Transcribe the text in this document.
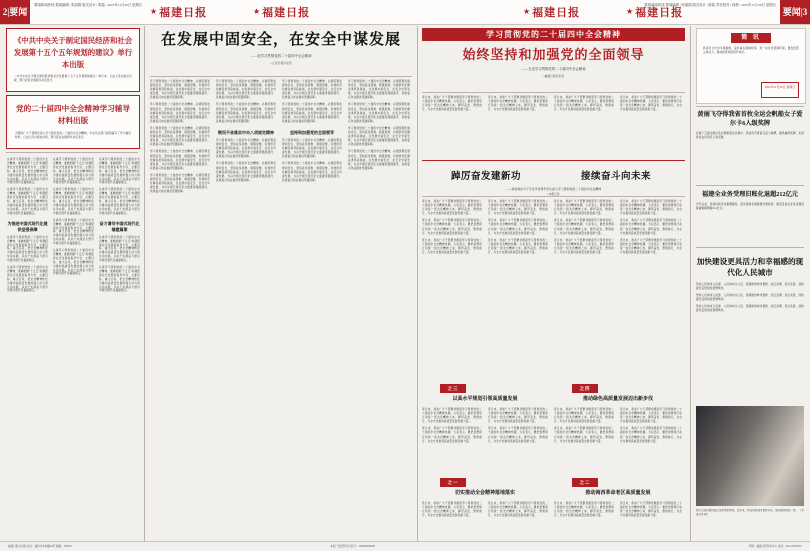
2|要闻	要闻|3
要闻新闻热线 要闻编辑 | 张丽娟 版式设计 | 陈铭 / 2025年11月30日 星期日	要闻新闻热线 要闻编辑 | 张丽娟 版式设计 | 陈铭 责任校对 | 林晨 / 2025年11月30日 星期日
★ 福建日报	★ 福建日报	★ 福建日报	★ 福建日报
《中共中央关于制定国民经济和社会发展第十五个五年规划的建议》单行本出版
《中共中央关于制定国民经济和社会发展第十五个五年规划的建议》单行本，已由人民出版社出版，即日起在全国新华书店发行。
党的二十届四中全会精神学习辅导材料出版
为帮助广大干部群众深入学习领会党的二十届四中全会精神，中央有关部门组织编写了学习辅导材料，已由人民出版社出版，即日起在全国新华书店发行。
认真学习贯彻党的二十届四中全会精神，准确把握“十五五”时期经济社会发展的指导方针、主要目标、重大任务，把全会精神转化为推动高质量发展的强大动力和生动实践，以实干实绩奋力谱写中国式现代化福建篇章。
认真学习贯彻党的二十届四中全会精神，准确把握“十五五”时期经济社会发展的指导方针、主要目标、重大任务，把全会精神转化为推动高质量发展的强大动力和生动实践，以实干实绩奋力谱写中国式现代化福建篇章。
为推进中国式现代化提供坚强保障
认真学习贯彻党的二十届四中全会精神，准确把握“十五五”时期经济社会发展的指导方针、主要目标、重大任务，把全会精神转化为推动高质量发展的强大动力和生动实践，以实干实绩奋力谱写中国式现代化福建篇章。
认真学习贯彻党的二十届四中全会精神，准确把握“十五五”时期经济社会发展的指导方针、主要目标、重大任务，把全会精神转化为推动高质量发展的强大动力和生动实践，以实干实绩奋力谱写中国式现代化福建篇章。
认真学习贯彻党的二十届四中全会精神，准确把握“十五五”时期经济社会发展的指导方针、主要目标、重大任务，把全会精神转化为推动高质量发展的强大动力和生动实践，以实干实绩奋力谱写中国式现代化福建篇章。
认真学习贯彻党的二十届四中全会精神，准确把握“十五五”时期经济社会发展的指导方针、主要目标、重大任务，把全会精神转化为推动高质量发展的强大动力和生动实践，以实干实绩奋力谱写中国式现代化福建篇章。
认真学习贯彻党的二十届四中全会精神，准确把握“十五五”时期经济社会发展的指导方针、主要目标、重大任务，把全会精神转化为推动高质量发展的强大动力和生动实践，以实干实绩奋力谱写中国式现代化福建篇章。
认真学习贯彻党的二十届四中全会精神，准确把握“十五五”时期经济社会发展的指导方针、主要目标、重大任务，把全会精神转化为推动高质量发展的强大动力和生动实践，以实干实绩奋力谱写中国式现代化福建篇章。
认真学习贯彻党的二十届四中全会精神，准确把握“十五五”时期经济社会发展的指导方针、主要目标、重大任务，把全会精神转化为推动高质量发展的强大动力和生动实践，以实干实绩奋力谱写中国式现代化福建篇章。
认真学习贯彻党的二十届四中全会精神，准确把握“十五五”时期经济社会发展的指导方针、主要目标、重大任务，把全会精神转化为推动高质量发展的强大动力和生动实践，以实干实绩奋力谱写中国式现代化福建篇章。
奋力谱写中国式现代化福建篇章
认真学习贯彻党的二十届四中全会精神，准确把握“十五五”时期经济社会发展的指导方针、主要目标、重大任务，把全会精神转化为推动高质量发展的强大动力和生动实践，以实干实绩奋力谱写中国式现代化福建篇章。
认真学习贯彻党的二十届四中全会精神，准确把握“十五五”时期经济社会发展的指导方针、主要目标、重大任务，把全会精神转化为推动高质量发展的强大动力和生动实践，以实干实绩奋力谱写中国式现代化福建篇章。
在发展中固安全，在安全中谋发展
——论学习贯彻党的二十届四中全会精神
□人民日报评论员
学习贯彻党的二十届四中全会精神，必须统筹发展和安全，坚持底线思维、极限思维，有效防范化解各类风险挑战，在发展中固安全、在安全中谋发展，为以中国式现代化全面推进强国建设、民族复兴伟业提供坚强保障。
学习贯彻党的二十届四中全会精神，必须统筹发展和安全，坚持底线思维、极限思维，有效防范化解各类风险挑战，在发展中固安全、在安全中谋发展，为以中国式现代化全面推进强国建设、民族复兴伟业提供坚强保障。
学习贯彻党的二十届四中全会精神，必须统筹发展和安全，坚持底线思维、极限思维，有效防范化解各类风险挑战，在发展中固安全、在安全中谋发展，为以中国式现代化全面推进强国建设、民族复兴伟业提供坚强保障。
学习贯彻党的二十届四中全会精神，必须统筹发展和安全，坚持底线思维、极限思维，有效防范化解各类风险挑战，在发展中固安全、在安全中谋发展，为以中国式现代化全面推进强国建设、民族复兴伟业提供坚强保障。
学习贯彻党的二十届四中全会精神，必须统筹发展和安全，坚持底线思维、极限思维，有效防范化解各类风险挑战，在发展中固安全、在安全中谋发展，为以中国式现代化全面推进强国建设、民族复兴伟业提供坚强保障。
学习贯彻党的二十届四中全会精神，必须统筹发展和安全，坚持底线思维、极限思维，有效防范化解各类风险挑战，在发展中固安全、在安全中谋发展，为以中国式现代化全面推进强国建设、民族复兴伟业提供坚强保障。
学习贯彻党的二十届四中全会精神，必须统筹发展和安全，坚持底线思维、极限思维，有效防范化解各类风险挑战，在发展中固安全、在安全中谋发展，为以中国式现代化全面推进强国建设、民族复兴伟业提供坚强保障。
锲而不舍落实中央八项规定精神
学习贯彻党的二十届四中全会精神，必须统筹发展和安全，坚持底线思维、极限思维，有效防范化解各类风险挑战，在发展中固安全、在安全中谋发展，为以中国式现代化全面推进强国建设、民族复兴伟业提供坚强保障。
学习贯彻党的二十届四中全会精神，必须统筹发展和安全，坚持底线思维、极限思维，有效防范化解各类风险挑战，在发展中固安全、在安全中谋发展，为以中国式现代化全面推进强国建设、民族复兴伟业提供坚强保障。
学习贯彻党的二十届四中全会精神，必须统筹发展和安全，坚持底线思维、极限思维，有效防范化解各类风险挑战，在发展中固安全、在安全中谋发展，为以中国式现代化全面推进强国建设、民族复兴伟业提供坚强保障。
学习贯彻党的二十届四中全会精神，必须统筹发展和安全，坚持底线思维、极限思维，有效防范化解各类风险挑战，在发展中固安全、在安全中谋发展，为以中国式现代化全面推进强国建设、民族复兴伟业提供坚强保障。
坚持和加强党的全面领导
学习贯彻党的二十届四中全会精神，必须统筹发展和安全，坚持底线思维、极限思维，有效防范化解各类风险挑战，在发展中固安全、在安全中谋发展，为以中国式现代化全面推进强国建设、民族复兴伟业提供坚强保障。
学习贯彻党的二十届四中全会精神，必须统筹发展和安全，坚持底线思维、极限思维，有效防范化解各类风险挑战，在发展中固安全、在安全中谋发展，为以中国式现代化全面推进强国建设、民族复兴伟业提供坚强保障。
学习贯彻党的二十届四中全会精神，必须统筹发展和安全，坚持底线思维、极限思维，有效防范化解各类风险挑战，在发展中固安全、在安全中谋发展，为以中国式现代化全面推进强国建设、民族复兴伟业提供坚强保障。
学习贯彻党的二十届四中全会精神，必须统筹发展和安全，坚持底线思维、极限思维，有效防范化解各类风险挑战，在发展中固安全、在安全中谋发展，为以中国式现代化全面推进强国建设、民族复兴伟业提供坚强保障。
学习贯彻党的二十届四中全会精神，必须统筹发展和安全，坚持底线思维、极限思维，有效防范化解各类风险挑战，在发展中固安全、在安全中谋发展，为以中国式现代化全面推进强国建设、民族复兴伟业提供坚强保障。
学习贯彻党的二十届四中全会精神，必须统筹发展和安全，坚持底线思维、极限思维，有效防范化解各类风险挑战，在发展中固安全、在安全中谋发展，为以中国式现代化全面推进强国建设、民族复兴伟业提供坚强保障。
学习贯彻党的二十届四中全会精神
始终坚持和加强党的全面领导
——五论学习贯彻党的二十届四中全会精神
□福建日报评论员
连日来，我省广大干部群众掀起学习贯彻党的二十届四中全会精神热潮，大家表示，要把思想和行动统一到全会精神上来，踔厉奋发、勇毅前行，为全方位推进高质量发展贡献力量。
连日来，我省广大干部群众掀起学习贯彻党的二十届四中全会精神热潮，大家表示，要把思想和行动统一到全会精神上来，踔厉奋发、勇毅前行，为全方位推进高质量发展贡献力量。
连日来，我省广大干部群众掀起学习贯彻党的二十届四中全会精神热潮，大家表示，要把思想和行动统一到全会精神上来，踔厉奋发、勇毅前行，为全方位推进高质量发展贡献力量。
连日来，我省广大干部群众掀起学习贯彻党的二十届四中全会精神热潮，大家表示，要把思想和行动统一到全会精神上来，踔厉奋发、勇毅前行，为全方位推进高质量发展贡献力量。
踔厉奋发建新功	接续奋斗向未来
——我省知识分子专家学者青年学生深入学习贯彻党的二十届四中全会精神
□本报记者
连日来，我省广大干部群众掀起学习贯彻党的二十届四中全会精神热潮，大家表示，要把思想和行动统一到全会精神上来，踔厉奋发、勇毅前行，为全方位推进高质量发展贡献力量。
连日来，我省广大干部群众掀起学习贯彻党的二十届四中全会精神热潮，大家表示，要把思想和行动统一到全会精神上来，踔厉奋发、勇毅前行，为全方位推进高质量发展贡献力量。
连日来，我省广大干部群众掀起学习贯彻党的二十届四中全会精神热潮，大家表示，要把思想和行动统一到全会精神上来，踔厉奋发、勇毅前行，为全方位推进高质量发展贡献力量。
连日来，我省广大干部群众掀起学习贯彻党的二十届四中全会精神热潮，大家表示，要把思想和行动统一到全会精神上来，踔厉奋发、勇毅前行，为全方位推进高质量发展贡献力量。
连日来，我省广大干部群众掀起学习贯彻党的二十届四中全会精神热潮，大家表示，要把思想和行动统一到全会精神上来，踔厉奋发、勇毅前行，为全方位推进高质量发展贡献力量。
连日来，我省广大干部群众掀起学习贯彻党的二十届四中全会精神热潮，大家表示，要把思想和行动统一到全会精神上来，踔厉奋发、勇毅前行，为全方位推进高质量发展贡献力量。
连日来，我省广大干部群众掀起学习贯彻党的二十届四中全会精神热潮，大家表示，要把思想和行动统一到全会精神上来，踔厉奋发、勇毅前行，为全方位推进高质量发展贡献力量。
连日来，我省广大干部群众掀起学习贯彻党的二十届四中全会精神热潮，大家表示，要把思想和行动统一到全会精神上来，踔厉奋发、勇毅前行，为全方位推进高质量发展贡献力量。
连日来，我省广大干部群众掀起学习贯彻党的二十届四中全会精神热潮，大家表示，要把思想和行动统一到全会精神上来，踔厉奋发、勇毅前行，为全方位推进高质量发展贡献力量。
连日来，我省广大干部群众掀起学习贯彻党的二十届四中全会精神热潮，大家表示，要把思想和行动统一到全会精神上来，踔厉奋发、勇毅前行，为全方位推进高质量发展贡献力量。
连日来，我省广大干部群众掀起学习贯彻党的二十届四中全会精神热潮，大家表示，要把思想和行动统一到全会精神上来，踔厉奋发、勇毅前行，为全方位推进高质量发展贡献力量。
连日来，我省广大干部群众掀起学习贯彻党的二十届四中全会精神热潮，大家表示，要把思想和行动统一到全会精神上来，踔厉奋发、勇毅前行，为全方位推进高质量发展贡献力量。
之三
以高水平规划引领高质量发展
之四
推动绿色高质量发展迈出新步伐
连日来，我省广大干部群众掀起学习贯彻党的二十届四中全会精神热潮，大家表示，要把思想和行动统一到全会精神上来，踔厉奋发、勇毅前行，为全方位推进高质量发展贡献力量。
连日来，我省广大干部群众掀起学习贯彻党的二十届四中全会精神热潮，大家表示，要把思想和行动统一到全会精神上来，踔厉奋发、勇毅前行，为全方位推进高质量发展贡献力量。
连日来，我省广大干部群众掀起学习贯彻党的二十届四中全会精神热潮，大家表示，要把思想和行动统一到全会精神上来，踔厉奋发、勇毅前行，为全方位推进高质量发展贡献力量。
连日来，我省广大干部群众掀起学习贯彻党的二十届四中全会精神热潮，大家表示，要把思想和行动统一到全会精神上来，踔厉奋发、勇毅前行，为全方位推进高质量发展贡献力量。
连日来，我省广大干部群众掀起学习贯彻党的二十届四中全会精神热潮，大家表示，要把思想和行动统一到全会精神上来，踔厉奋发、勇毅前行，为全方位推进高质量发展贡献力量。
连日来，我省广大干部群众掀起学习贯彻党的二十届四中全会精神热潮，大家表示，要把思想和行动统一到全会精神上来，踔厉奋发、勇毅前行，为全方位推进高质量发展贡献力量。
连日来，我省广大干部群众掀起学习贯彻党的二十届四中全会精神热潮，大家表示，要把思想和行动统一到全会精神上来，踔厉奋发、勇毅前行，为全方位推进高质量发展贡献力量。
连日来，我省广大干部群众掀起学习贯彻党的二十届四中全会精神热潮，大家表示，要把思想和行动统一到全会精神上来，踔厉奋发、勇毅前行，为全方位推进高质量发展贡献力量。
之一
切实推动全会精神落地落实
之二
推动闽西革命老区高质量发展
连日来，我省广大干部群众掀起学习贯彻党的二十届四中全会精神热潮，大家表示，要把思想和行动统一到全会精神上来，踔厉奋发、勇毅前行，为全方位推进高质量发展贡献力量。
连日来，我省广大干部群众掀起学习贯彻党的二十届四中全会精神热潮，大家表示，要把思想和行动统一到全会精神上来，踔厉奋发、勇毅前行，为全方位推进高质量发展贡献力量。
连日来，我省广大干部群众掀起学习贯彻党的二十届四中全会精神热潮，大家表示，要把思想和行动统一到全会精神上来，踔厉奋发、勇毅前行，为全方位推进高质量发展贡献力量。
连日来，我省广大干部群众掀起学习贯彻党的二十届四中全会精神热潮，大家表示，要把思想和行动统一到全会精神上来，踔厉奋发、勇毅前行，为全方位推进高质量发展贡献力量。
简 讯
我省近日出台多项措施，深化重点领域改革，进一步优化营商环境，激发经营主体活力，推动经济持续回升向好。
2025年11月30日 星期日
黄丽飞夺得我省首枚全运会帆船女子爱尔卡6人级奖牌
在第十五届全国运动会帆船项目比赛中，我省选手黄丽飞奋力拼搏，最终摘得奖牌，实现我省在该项目上的突破。
福建全业务受理旧账化退超212亿元
今年以来，我省持续优化税费服务，落实落细各项税费优惠政策，截至目前全业务受理退税减税降费超212亿元。
加快建设更具活力和幸福感的现代化人民城市
坚持人民城市人民建、人民城市为人民，统筹推进城市更新、社区治理、民生改善，加快建设宜居韧性智慧城市。
坚持人民城市人民建、人民城市为人民，统筹推进城市更新、社区治理、民生改善，加快建设宜居韧性智慧城市。
坚持人民城市人民建、人民城市为人民，统筹推进城市更新、社区治理、民生改善，加快建设宜居韧性智慧城市。
图为日前拍摄的闽江沿岸城市新貌。近年来，我省加快城市更新步伐，城市面貌焕然一新。 （本报记者 摄）
福建日报社出版 社址：福州市华林路84号 邮编：350003	本报广告经营许可证号：3500004000081	印刷：福建日报印务中心 电话：0591-87095027
